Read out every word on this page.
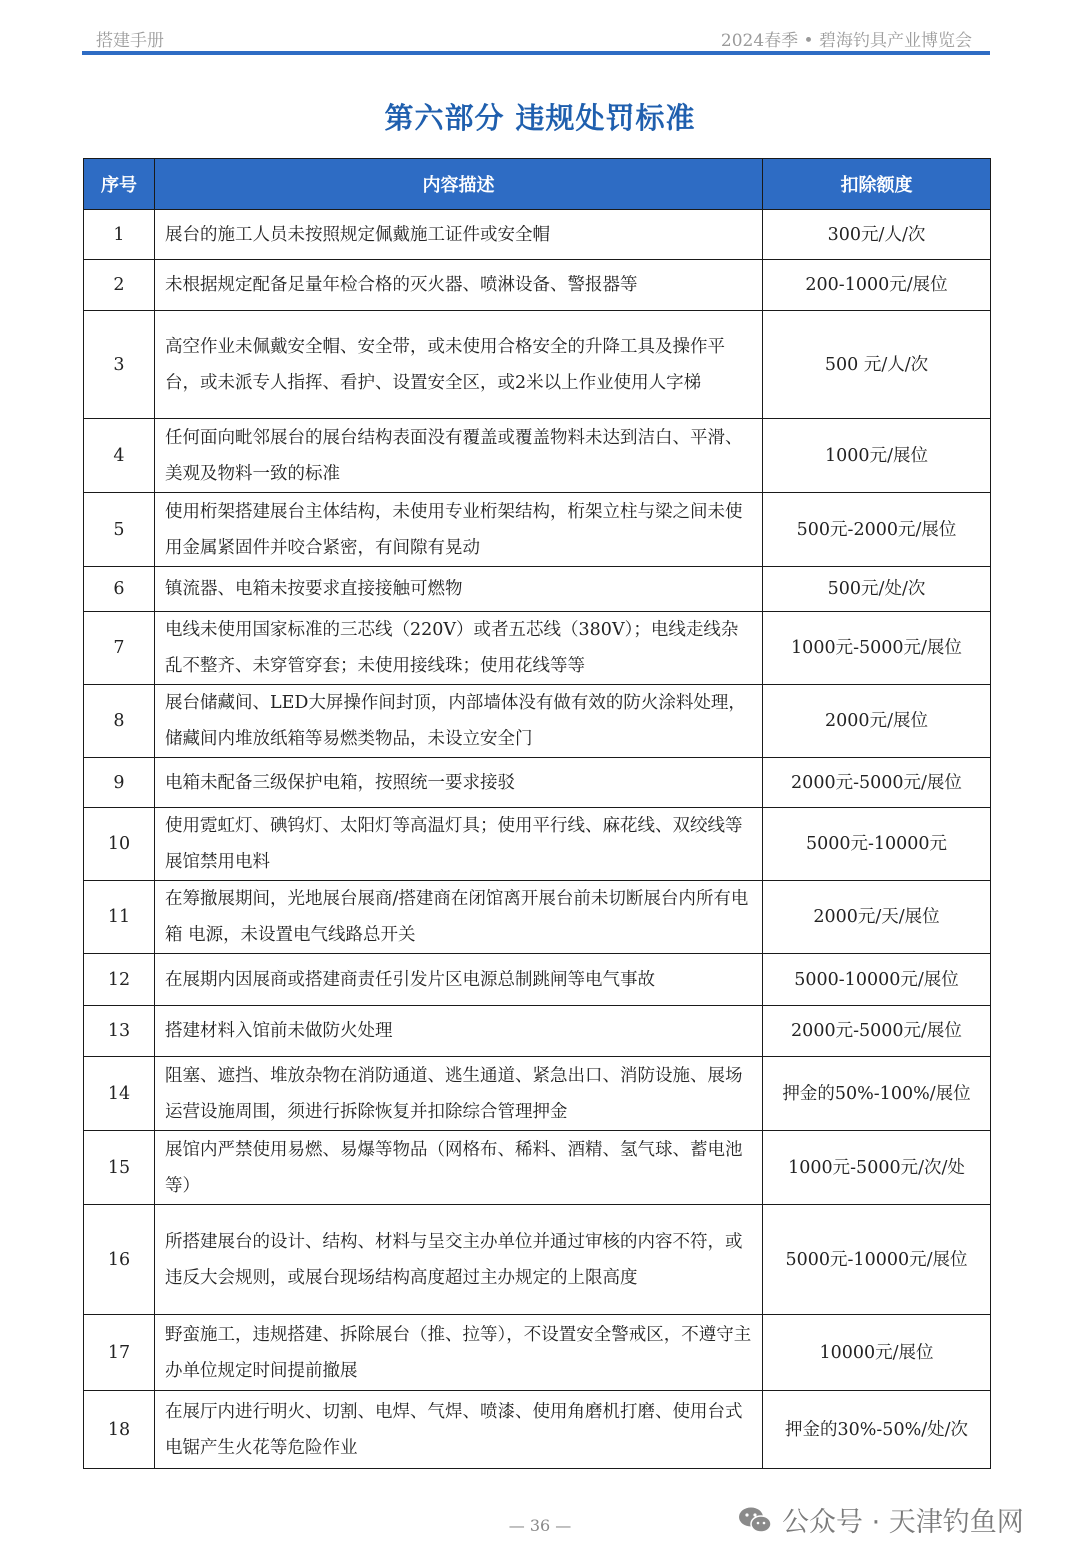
搭建手册	2024春季 • 碧海钓具产业博览会
第六部分 违规处罚标准
序号	内容描述	扣除额度
1	展台的施工人员未按照规定佩戴施工证件或安全帽	300元/人/次
2	未根据规定配备足量年检合格的灭火器、喷淋设备、警报器等	200-1000元/展位
3	高空作业未佩戴安全帽、安全带，或未使用合格安全的升降工具及操作平台，或未派专人指挥、看护、设置安全区，或2米以上作业使用人字梯	500 元/人/次
4	任何面向毗邻展台的展台结构表面没有覆盖或覆盖物料未达到洁白、平滑、美观及物料一致的标准	1000元/展位
5	使用桁架搭建展台主体结构，未使用专业桁架结构，桁架立柱与梁之间未使用金属紧固件并咬合紧密，有间隙有晃动	500元-2000元/展位
6	镇流器、电箱未按要求直接接触可燃物	500元/处/次
7	电线未使用国家标准的三芯线（220V）或者五芯线（380V）；电线走线杂乱不整齐、未穿管穿套；未使用接线珠；使用花线等等	1000元-5000元/展位
8	展台储藏间、LED大屏操作间封顶，内部墙体没有做有效的防火涂料处理，储藏间内堆放纸箱等易燃类物品，未设立安全门	2000元/展位
9	电箱未配备三级保护电箱，按照统一要求接驳	2000元-5000元/展位
10	使用霓虹灯、碘钨灯、太阳灯等高温灯具；使用平行线、麻花线、双绞线等展馆禁用电料	5000元-10000元
11	在筹撤展期间，光地展台展商/搭建商在闭馆离开展台前未切断展台内所有电箱 电源，未设置电气线路总开关	2000元/天/展位
12	在展期内因展商或搭建商责任引发片区电源总制跳闸等电气事故	5000-10000元/展位
13	搭建材料入馆前未做防火处理	2000元-5000元/展位
14	阻塞、遮挡、堆放杂物在消防通道、逃生通道、紧急出口、消防设施、展场运营设施周围，须进行拆除恢复并扣除综合管理押金	押金的50%-100%/展位
15	展馆内严禁使用易燃、易爆等物品（网格布、稀料、酒精、氢气球、蓄电池等）	1000元-5000元/次/处
16	所搭建展台的设计、结构、材料与呈交主办单位并通过审核的内容不符，或违反大会规则，或展台现场结构高度超过主办规定的上限高度	5000元-10000元/展位
17	野蛮施工，违规搭建、拆除展台（推、拉等），不设置安全警戒区，不遵守主办单位规定时间提前撤展	10000元/展位
18	在展厅内进行明火、切割、电焊、气焊、喷漆、使用角磨机打磨、使用台式电锯产生火花等危险作业	押金的30%-50%/处/次
— 36 —	公众号 · 天津钓鱼网
